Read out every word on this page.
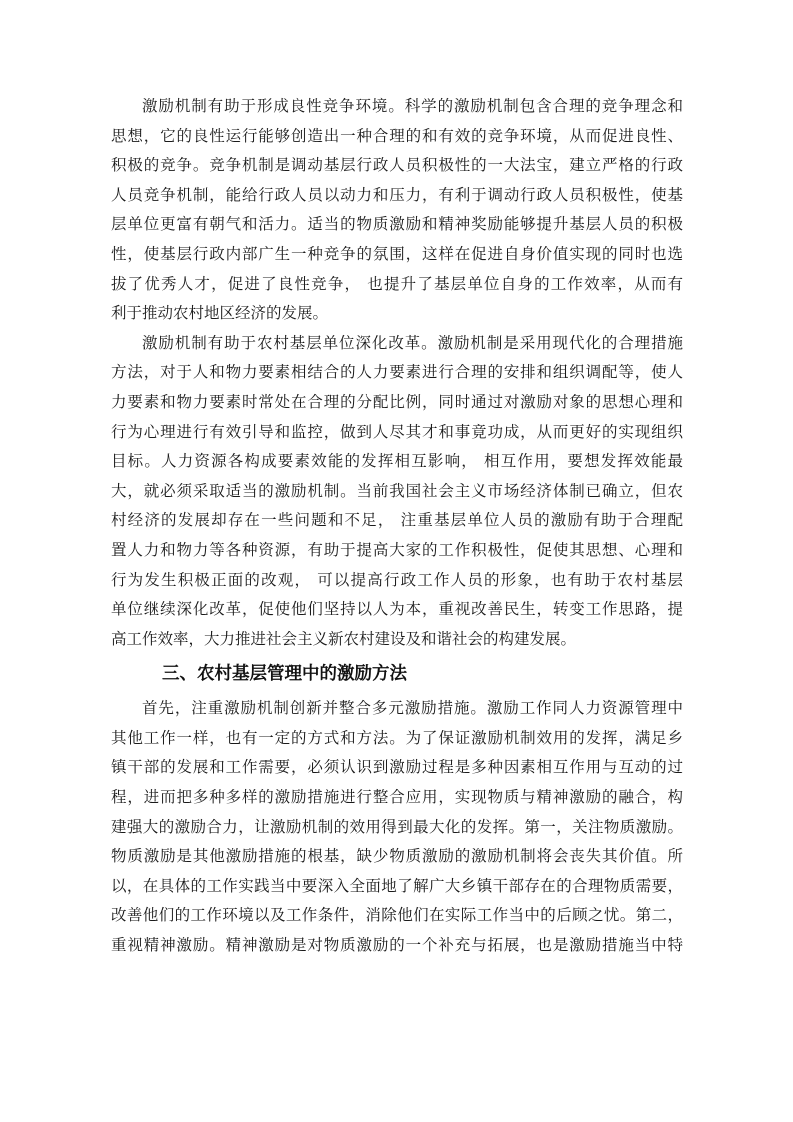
激励机制有助于形成良性竞争环境。科学的激励机制包含合理的竞争理念和
思想，它的良性运行能够创造出一种合理的和有效的竞争环境，从而促进良性、
积极的竞争。竞争机制是调动基层行政人员积极性的一大法宝，建立严格的行政
人员竞争机制，能给行政人员以动力和压力，有利于调动行政人员积极性，使基
层单位更富有朝气和活力。适当的物质激励和精神奖励能够提升基层人员的积极
性，使基层行政内部广生一种竞争的氛围，这样在促进自身价值实现的同时也选
拔了优秀人才，促进了良性竞争， 也提升了基层单位自身的工作效率，从而有
利于推动农村地区经济的发展。
激励机制有助于农村基层单位深化改革。激励机制是采用现代化的合理措施
方法，对于人和物力要素相结合的人力要素进行合理的安排和组织调配等，使人
力要素和物力要素时常处在合理的分配比例，同时通过对激励对象的思想心理和
行为心理进行有效引导和监控，做到人尽其才和事竟功成，从而更好的实现组织
目标。人力资源各构成要素效能的发挥相互影响， 相互作用，要想发挥效能最
大，就必须采取适当的激励机制。当前我国社会主义市场经济体制已确立，但农
村经济的发展却存在一些问题和不足， 注重基层单位人员的激励有助于合理配
置人力和物力等各种资源，有助于提高大家的工作积极性，促使其思想、心理和
行为发生积极正面的改观， 可以提高行政工作人员的形象，也有助于农村基层
单位继续深化改革，促使他们坚持以人为本，重视改善民生，转变工作思路，提
高工作效率，大力推进社会主义新农村建设及和谐社会的构建发展。
三、农村基层管理中的激励方法
首先，注重激励机制创新并整合多元激励措施。激励工作同人力资源管理中
其他工作一样，也有一定的方式和方法。为了保证激励机制效用的发挥，满足乡
镇干部的发展和工作需要，必须认识到激励过程是多种因素相互作用与互动的过
程，进而把多种多样的激励措施进行整合应用，实现物质与精神激励的融合，构
建强大的激励合力，让激励机制的效用得到最大化的发挥。第一，关注物质激励。
物质激励是其他激励措施的根基，缺少物质激励的激励机制将会丧失其价值。所
以，在具体的工作实践当中要深入全面地了解广大乡镇干部存在的合理物质需要，
改善他们的工作环境以及工作条件，消除他们在实际工作当中的后顾之忧。第二，
重视精神激励。精神激励是对物质激励的一个补充与拓展，也是激励措施当中特
